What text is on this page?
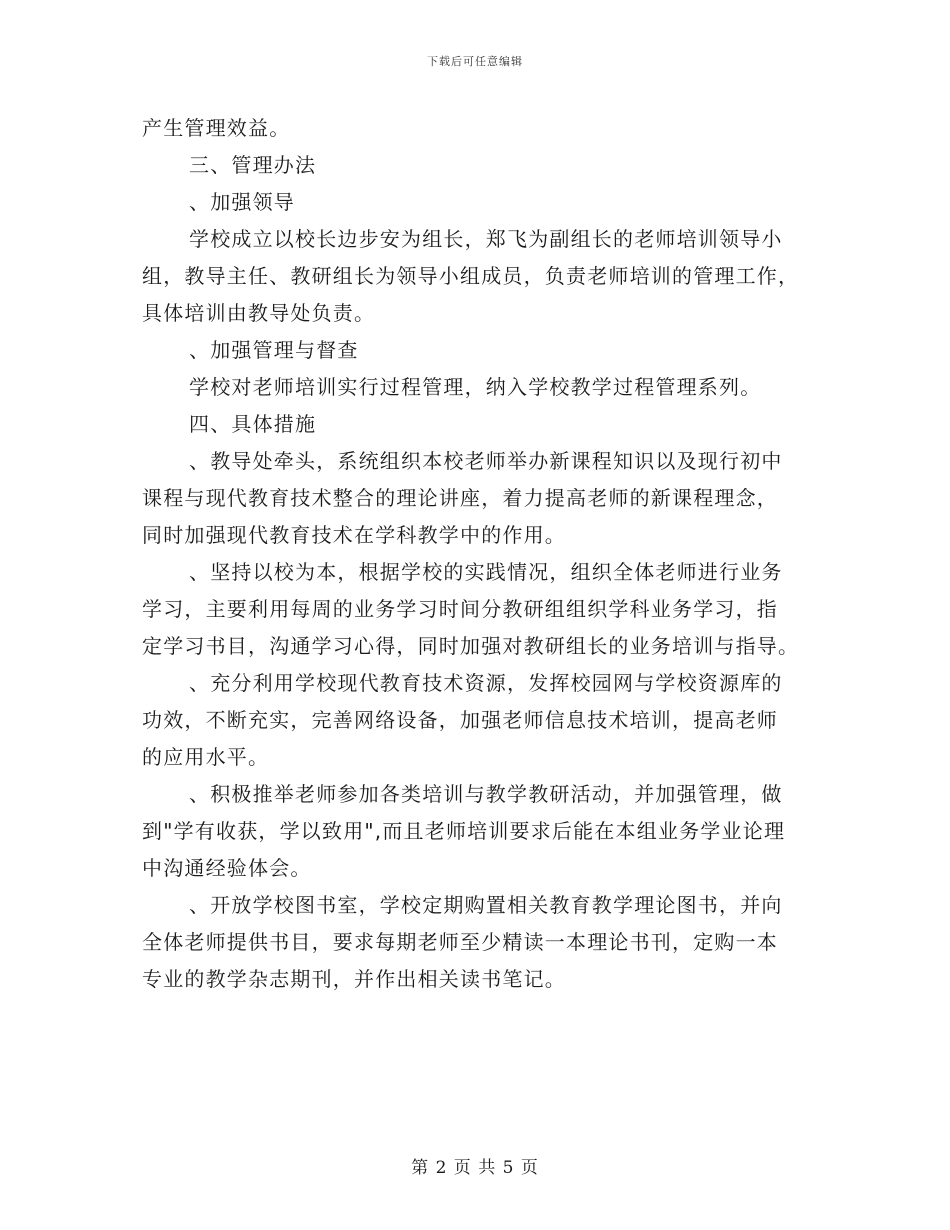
下载后可任意编辑
产生管理效益。
三、管理办法
、加强领导
学校成立以校长边步安为组长，郑飞为副组长的老师培训领导小
组，教导主任、教研组长为领导小组成员，负责老师培训的管理工作，
具体培训由教导处负责。
、加强管理与督查
学校对老师培训实行过程管理，纳入学校教学过程管理系列。
四、具体措施
、教导处牵头，系统组织本校老师举办新课程知识以及现行初中
课程与现代教育技术整合的理论讲座，着力提高老师的新课程理念，
同时加强现代教育技术在学科教学中的作用。
、坚持以校为本，根据学校的实践情况，组织全体老师进行业务
学习，主要利用每周的业务学习时间分教研组组织学科业务学习，指
定学习书目，沟通学习心得，同时加强对教研组长的业务培训与指导。
、充分利用学校现代教育技术资源，发挥校园网与学校资源库的
功效，不断充实，完善网络设备，加强老师信息技术培训，提高老师
的应用水平。
、积极推举老师参加各类培训与教学教研活动，并加强管理，做
到"学有收获，学以致用",而且老师培训要求后能在本组业务学业论理
中沟通经验体会。
、开放学校图书室，学校定期购置相关教育教学理论图书，并向
全体老师提供书目，要求每期老师至少精读一本理论书刊，定购一本
专业的教学杂志期刊，并作出相关读书笔记。
第 2 页 共 5 页
